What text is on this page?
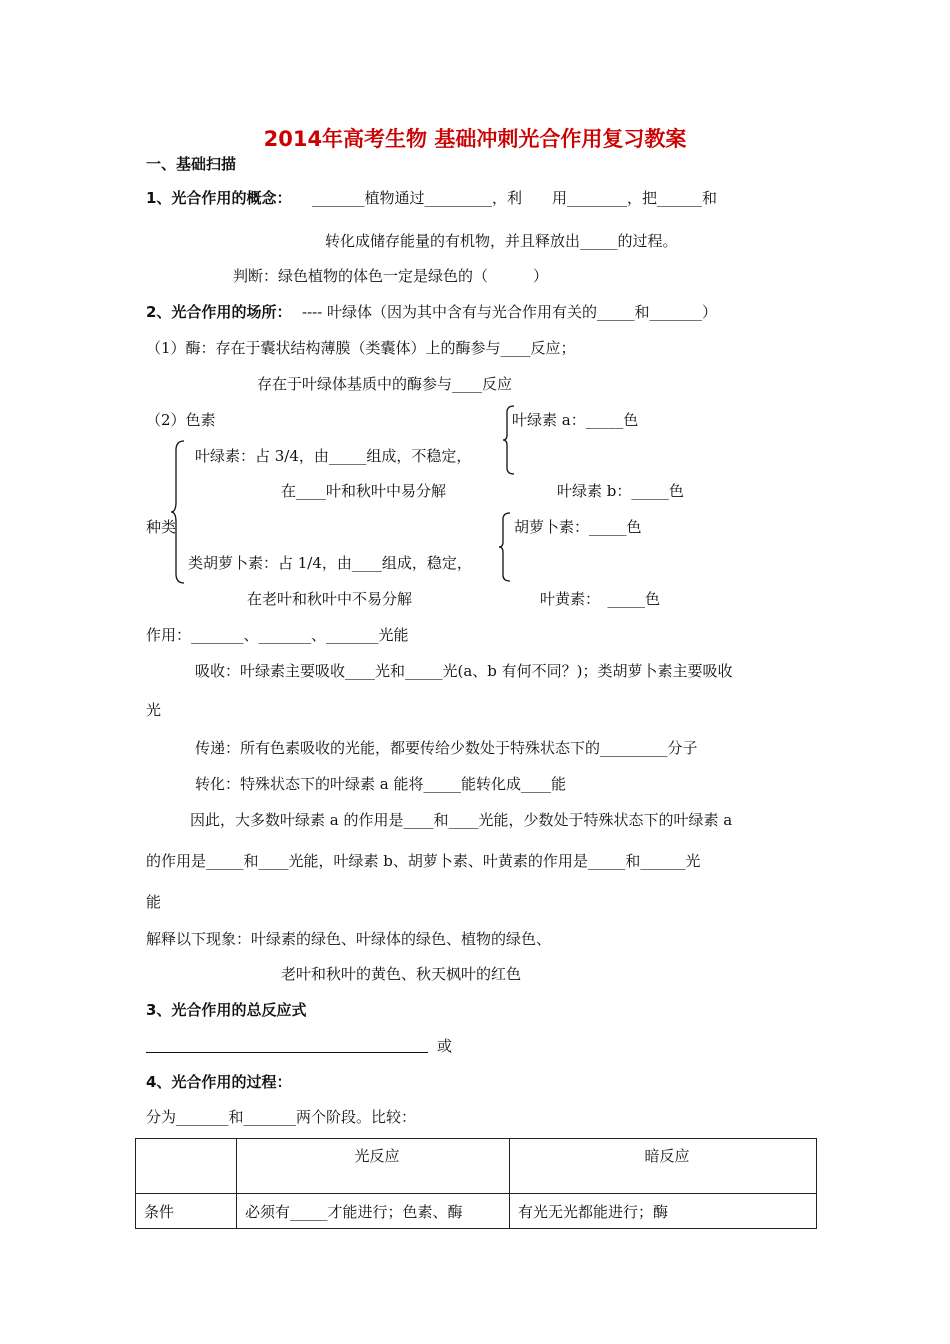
2014年高考生物 基础冲刺光合作用复习教案
一、基础扫描
1、光合作用的概念： _______植物通过_________，利　　用________，把______和
转化成储存能量的有机物，并且释放出_____的过程。
判断：绿色植物的体色一定是绿色的（　　　）
2、光合作用的场所： ---- 叶绿体（因为其中含有与光合作用有关的_____和_______）
（1）酶：存在于囊状结构薄膜（类囊体）上的酶参与____反应；
存在于叶绿体基质中的酶参与____反应
（2）色素	叶绿素 a：_____色
叶绿素：占 3/4，由_____组成，不稳定，
在____叶和秋叶中易分解	叶绿素 b：_____色
种类	胡萝卜素：_____色
类胡萝卜素：占 1/4，由____组成，稳定，
在老叶和秋叶中不易分解	叶黄素：　_____色
作用：_______、_______、_______光能
吸收：叶绿素主要吸收____光和_____光(a、b 有何不同？)；类胡萝卜素主要吸收
光
传递：所有色素吸收的光能，都要传给少数处于特殊状态下的_________分子
转化：特殊状态下的叶绿素 a 能将_____能转化成____能
因此，大多数叶绿素 a 的作用是____和____光能，少数处于特殊状态下的叶绿素 a
的作用是_____和____光能，叶绿素 b、胡萝卜素、叶黄素的作用是_____和______光
能
解释以下现象：叶绿素的绿色、叶绿体的绿色、植物的绿色、
老叶和秋叶的黄色、秋天枫叶的红色
3、光合作用的总反应式
或
4、光合作用的过程：
分为_______和_______两个阶段。比较：
	光反应	暗反应
条件	必须有_____才能进行；色素、酶	有光无光都能进行；酶
